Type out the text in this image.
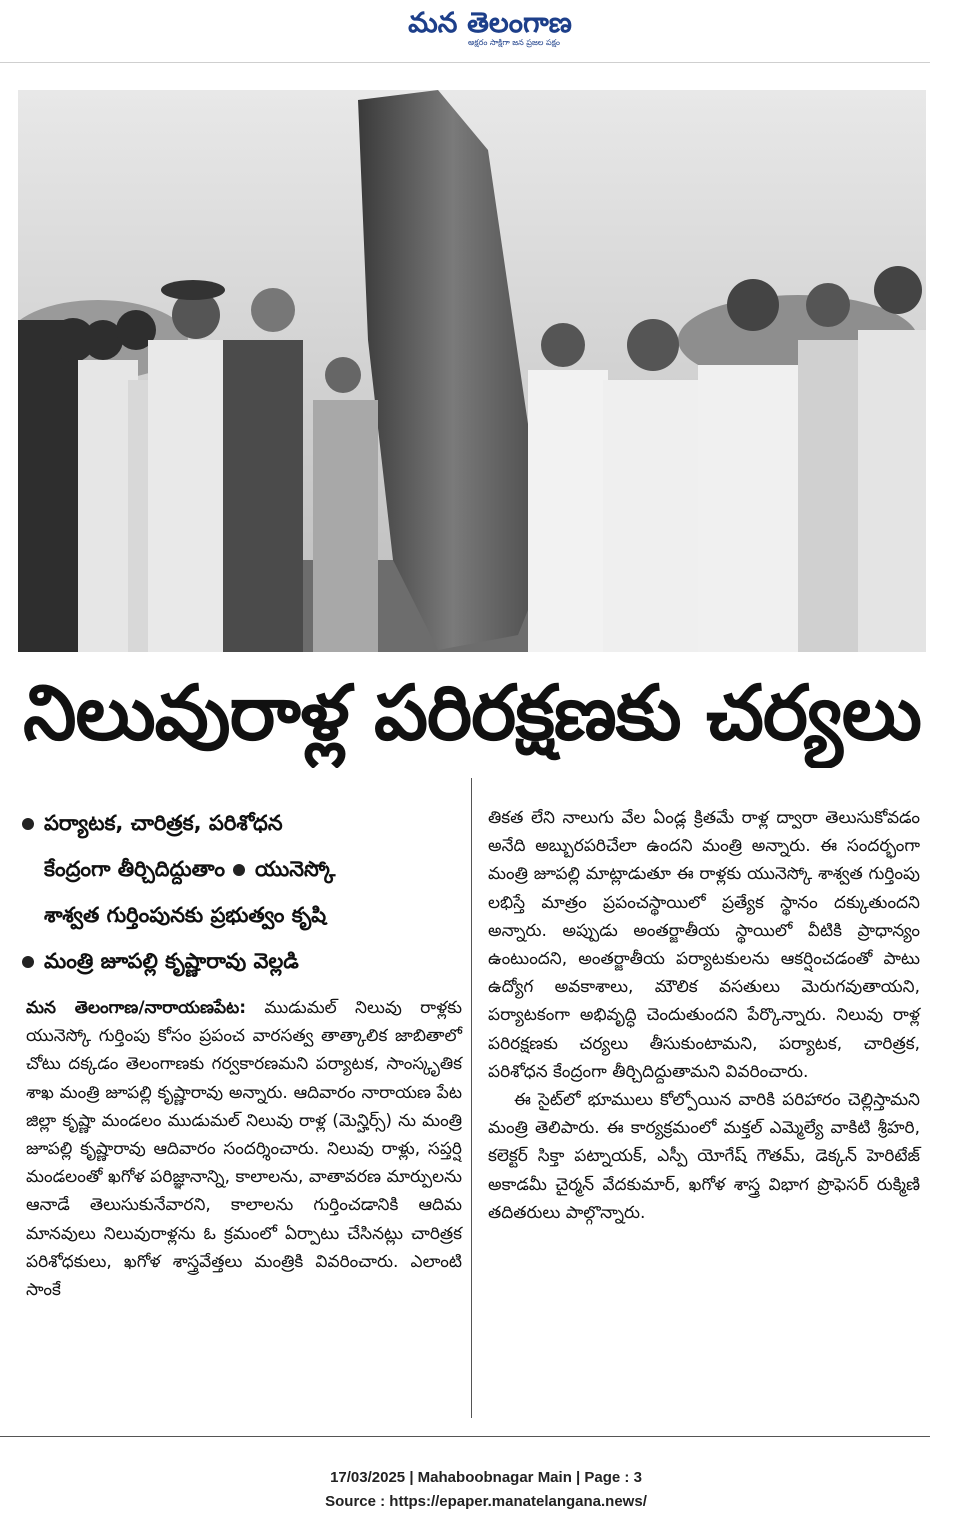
మన తెలంగాణ
అక్షరం సాక్షిగా జన ప్రజల పక్షం
నిలువురాళ్ల పరిరక్షణకు చర్యలు
పర్యాటక, చారిత్రక, పరిశోధన
కేంద్రంగా తీర్చిదిద్దుతాం యునెస్కో
శాశ్వత గుర్తింపునకు ప్రభుత్వం కృషి
మంత్రి జూపల్లి కృష్ణారావు వెల్లడి

మన తెలంగాణ/నారాయణపేట: ముడుమల్ నిలువు రాళ్లకు యునెస్కో గుర్తింపు కోసం ప్రపంచ వారసత్వ తాత్కాలిక జాబితాలో చోటు దక్కడం తెలంగాణకు గర్వకారణమని పర్యాటక, సాంస్కృతిక శాఖ మంత్రి జూపల్లి కృష్ణారావు అన్నారు. ఆదివారం నారాయణ పేట జిల్లా కృష్ణా మండలం ముడుమల్ నిలువు రాళ్ల (మెన్హిర్స్) ను మంత్రి జూపల్లి కృష్ణారావు ఆదివారం సందర్శించారు. నిలువు రాళ్లు, సప్తర్షి మండలంతో ఖగోళ పరిజ్ఞానాన్ని, కాలాలను, వాతావరణ మార్పులను ఆనాడే తెలుసుకునేవారని, కాలాలను గుర్తించడానికి ఆదిమ మానవులు నిలువురాళ్లను ఓ క్రమంలో ఏర్పాటు చేసినట్లు చారిత్రక పరిశోధకులు, ఖగోళ శాస్త్రవేత్తలు మంత్రికి వివరించారు. ఎలాంటి సాంకే

తికత లేని నాలుగు వేల ఏండ్ల క్రితమే రాళ్ల ద్వారా తెలుసుకోవడం అనేది అబ్బురపరిచేలా ఉందని మంత్రి అన్నారు. ఈ సందర్భంగా మంత్రి జూపల్లి మాట్లాడుతూ ఈ రాళ్లకు యునెస్కో శాశ్వత గుర్తింపు లభిస్తే మాత్రం ప్రపంచస్థాయిలో ప్రత్యేక స్థానం దక్కుతుందని అన్నారు. అప్పుడు అంతర్జాతీయ స్థాయిలో వీటికి ప్రాధాన్యం ఉంటుందని, అంతర్జాతీయ పర్యాటకులను ఆకర్షించడంతో పాటు ఉద్యోగ అవకాశాలు, మౌలిక వసతులు మెరుగవుతాయని, పర్యాటకంగా అభివృద్ధి చెందుతుందని పేర్కొన్నారు. నిలువు రాళ్ల పరిరక్షణకు చర్యలు తీసుకుంటామని, పర్యాటక, చారిత్రక, పరిశోధన కేంద్రంగా తీర్చిదిద్దుతామని వివరించారు.

ఈ సైట్‌లో భూములు కోల్పోయిన వారికి పరిహారం చెల్లిస్తామని మంత్రి తెలిపారు. ఈ కార్యక్రమంలో మక్తల్ ఎమ్మెల్యే వాకిటి శ్రీహరి, కలెక్టర్ సిక్తా పట్నాయక్, ఎస్పీ యోగేష్ గౌతమ్, డెక్కన్ హెరిటేజ్ అకాడమీ చైర్మన్ వేదకుమార్, ఖగోళ శాస్త్ర విభాగ ప్రొఫెసర్ రుక్మిణి తదితరులు పాల్గొన్నారు.

17/03/2025 | Mahaboobnagar Main | Page : 3
Source : https://epaper.manatelangana.news/
